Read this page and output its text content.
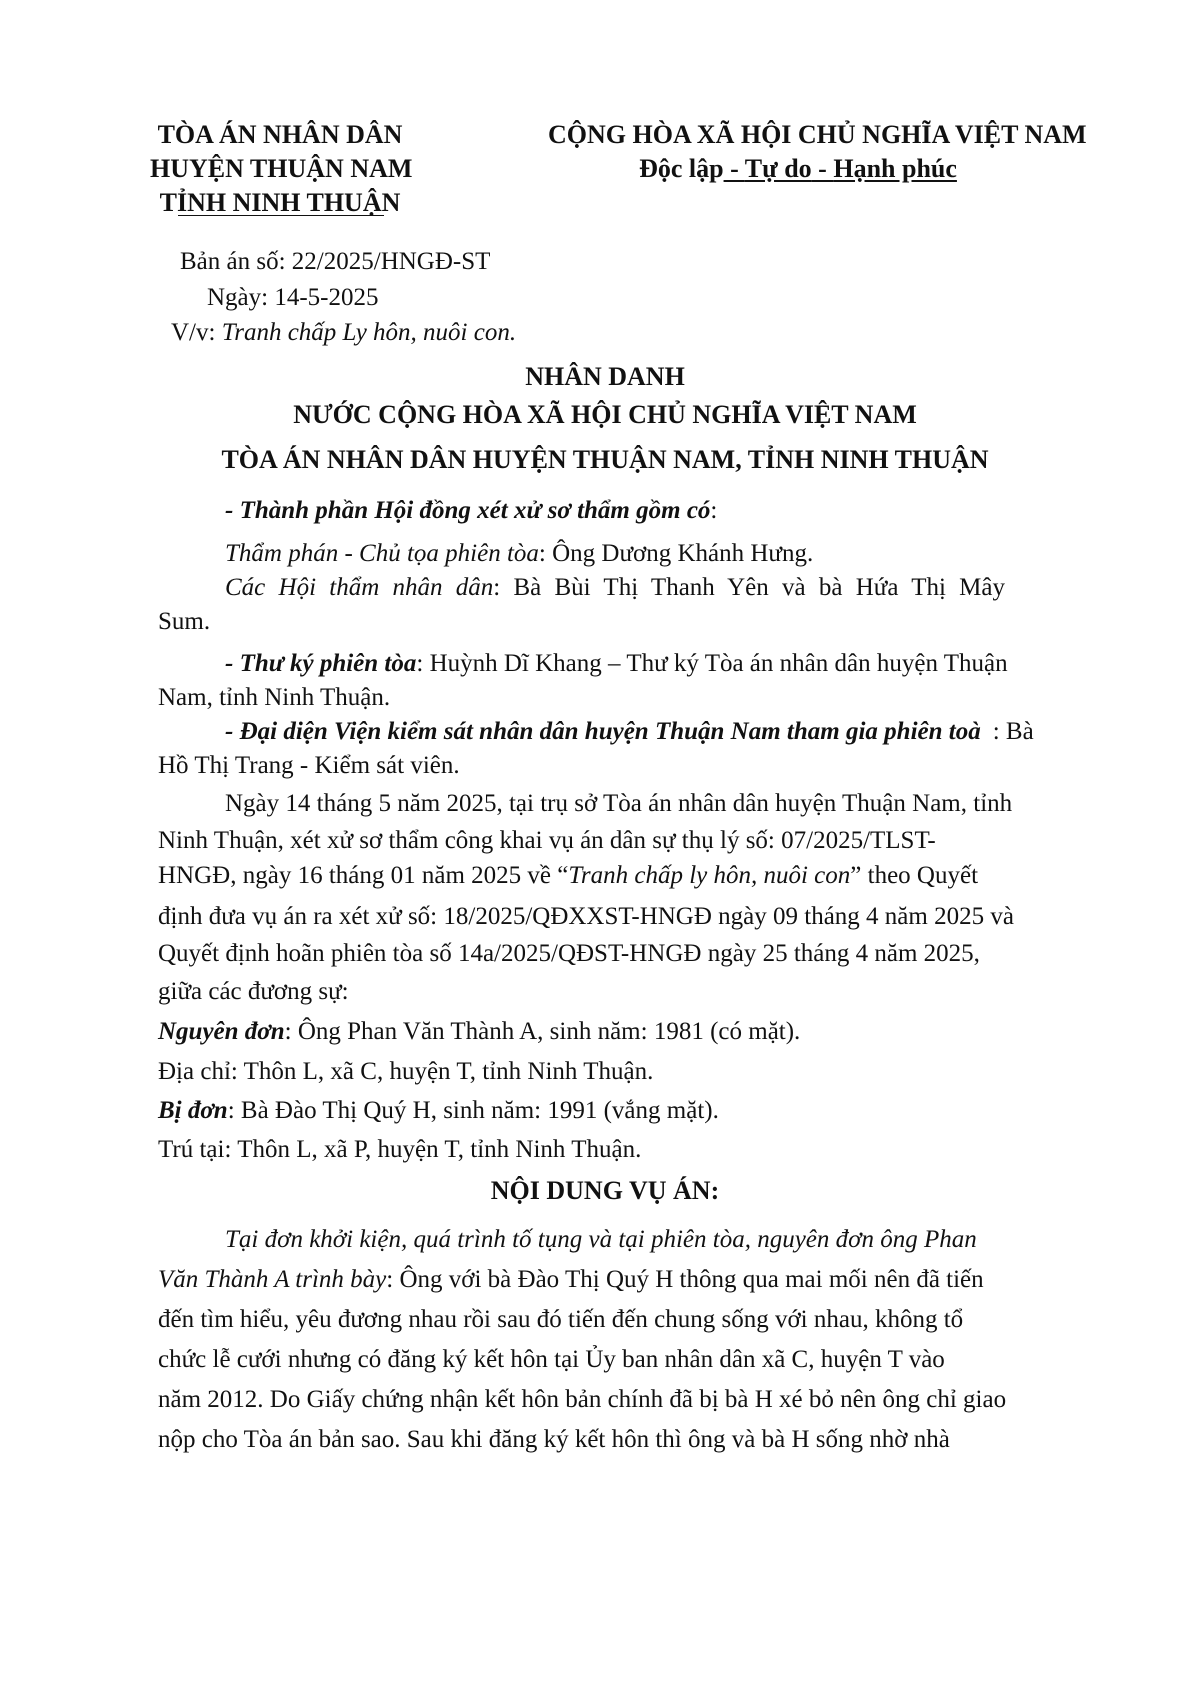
TÒA ÁN NHÂN DÂN
HUYỆN THUẬN NAM
TỈNH NINH THUẬN
CỘNG HÒA XÃ HỘI CHỦ NGHĨA VIỆT NAM
Độc lập - Tự do - Hạnh phúc
Bản án số: 22/2025/HNGĐ-ST
Ngày: 14-5-2025
V/v: Tranh chấp Ly hôn, nuôi con.
NHÂN DANH
NƯỚC CỘNG HÒA XÃ HỘI CHỦ NGHĨA VIỆT NAM
TÒA ÁN NHÂN DÂN HUYỆN THUẬN NAM, TỈNH NINH THUẬN
- Thành phần Hội đồng xét xử sơ thẩm gồm có:
Thẩm phán - Chủ tọa phiên tòa: Ông Dương Khánh Hưng.
Các Hội thẩm nhân dân: Bà Bùi Thị Thanh Yên và bà Hứa Thị Mây
Sum.
- Thư ký phiên tòa: Huỳnh Dĩ Khang – Thư ký Tòa án nhân dân huyện Thuận
Nam, tỉnh Ninh Thuận.
- Đại diện Viện kiểm sát nhân dân huyện Thuận Nam tham gia phiên toà : Bà
Hồ Thị Trang - Kiểm sát viên.
Ngày 14 tháng 5 năm 2025, tại trụ sở Tòa án nhân dân huyện Thuận Nam, tỉnh
Ninh Thuận, xét xử sơ thẩm công khai vụ án dân sự thụ lý số: 07/2025/TLST-
HNGĐ, ngày 16 tháng 01 năm 2025 về “Tranh chấp ly hôn, nuôi con” theo Quyết
định đưa vụ án ra xét xử số: 18/2025/QĐXXST-HNGĐ ngày 09 tháng 4 năm 2025 và
Quyết định hoãn phiên tòa số 14a/2025/QĐST-HNGĐ ngày 25 tháng 4 năm 2025,
giữa các đương sự:
Nguyên đơn: Ông Phan Văn Thành A, sinh năm: 1981 (có mặt).
Địa chỉ: Thôn L, xã C, huyện T, tỉnh Ninh Thuận.
Bị đơn: Bà Đào Thị Quý H, sinh năm: 1991 (vắng mặt).
Trú tại: Thôn L, xã P, huyện T, tỉnh Ninh Thuận.
NỘI DUNG VỤ ÁN:
Tại đơn khởi kiện, quá trình tố tụng và tại phiên tòa, nguyên đơn ông Phan
Văn Thành A trình bày: Ông với bà Đào Thị Quý H thông qua mai mối nên đã tiến
đến tìm hiểu, yêu đương nhau rồi sau đó tiến đến chung sống với nhau, không tổ
chức lễ cưới nhưng có đăng ký kết hôn tại Ủy ban nhân dân xã C, huyện T vào
năm 2012. Do Giấy chứng nhận kết hôn bản chính đã bị bà H xé bỏ nên ông chỉ giao
nộp cho Tòa án bản sao. Sau khi đăng ký kết hôn thì ông và bà H sống nhờ nhà
